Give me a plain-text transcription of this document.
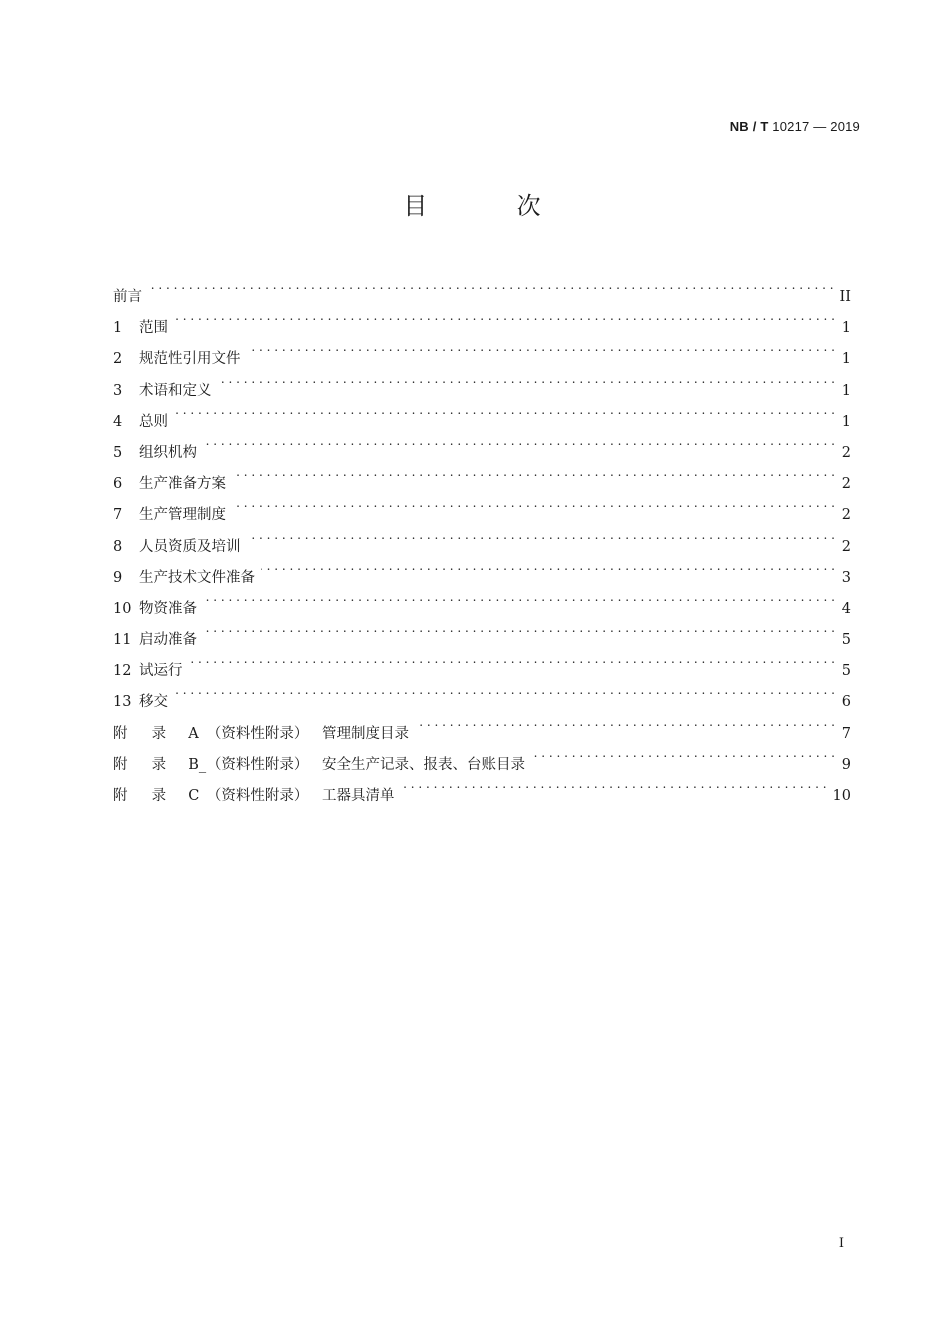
NB / T 10217 — 2019
目	次
前言 . . .	II
1	范围 . . .	1
2	规范性引用文件 . . .	1
3	术语和定义 . . .	1
4	总则 . . .	1
5	组织机构 . . .	2
6	生产准备方案 . . .	2
7	生产管理制度 . . .	2
8	人员资质及培训 . . .	2
9	生产技术文件准备 . . .	3
10 物资准备 . . .	4
11 启动准备 . . .	5
12 试运行 . . .	5
13 移交 . . .	6
附 录 A （资料性附录） 管理制度目录 . . .	7
附 录 B_ （资料性附录） 安全生产记录、报表、台账目录 . . .	9
附 录 C （资料性附录） 工器具清单 . . .	10
I
